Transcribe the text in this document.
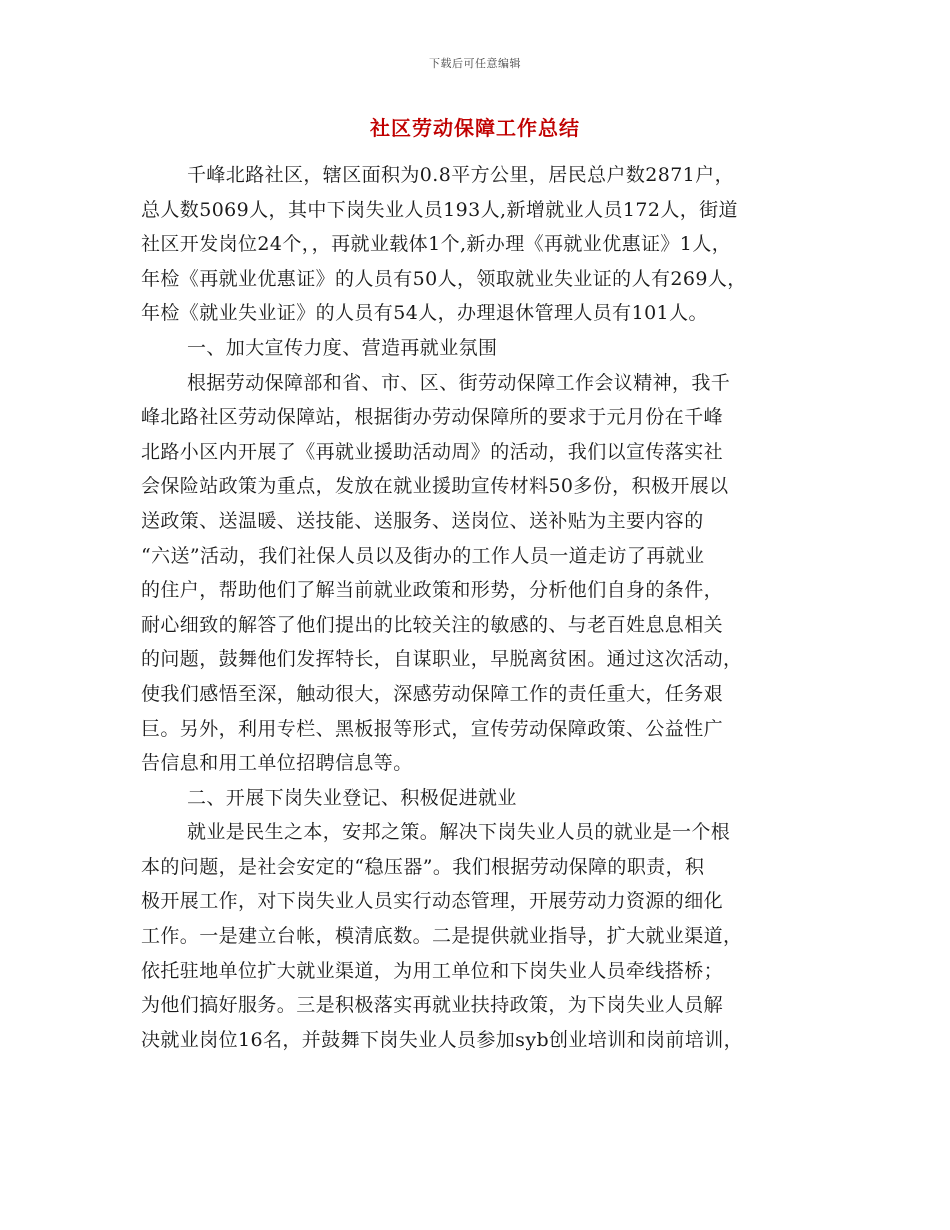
下载后可任意编辑
社区劳动保障工作总结
千峰北路社区，辖区面积为0.8平方公里，居民总户数2871户，
总人数5069人，其中下岗失业人员193人,新增就业人员172人，街道
社区开发岗位24个，，再就业载体1个,新办理《再就业优惠证》1人，
年检《再就业优惠证》的人员有50人，领取就业失业证的人有269人，
年检《就业失业证》的人员有54人，办理退休管理人员有101人。
一、加大宣传力度、营造再就业氛围
根据劳动保障部和省、市、区、街劳动保障工作会议精神，我千
峰北路社区劳动保障站，根据街办劳动保障所的要求于元月份在千峰
北路小区内开展了《再就业援助活动周》的活动，我们以宣传落实社
会保险站政策为重点，发放在就业援助宣传材料50多份，积极开展以
送政策、送温暖、送技能、送服务、送岗位、送补贴为主要内容的
“六送”活动，我们社保人员以及街办的工作人员一道走访了再就业
的住户，帮助他们了解当前就业政策和形势，分析他们自身的条件，
耐心细致的解答了他们提出的比较关注的敏感的、与老百姓息息相关
的问题，鼓舞他们发挥特长，自谋职业，早脱离贫困。通过这次活动，
使我们感悟至深，触动很大，深感劳动保障工作的责任重大，任务艰
巨。另外，利用专栏、黑板报等形式，宣传劳动保障政策、公益性广
告信息和用工单位招聘信息等。
二、开展下岗失业登记、积极促进就业
就业是民生之本，安邦之策。解决下岗失业人员的就业是一个根
本的问题，是社会安定的“稳压器”。我们根据劳动保障的职责，积
极开展工作，对下岗失业人员实行动态管理，开展劳动力资源的细化
工作。一是建立台帐，模清底数。二是提供就业指导，扩大就业渠道，
依托驻地单位扩大就业渠道，为用工单位和下岗失业人员牵线搭桥；
为他们搞好服务。三是积极落实再就业扶持政策，为下岗失业人员解
决就业岗位16名，并鼓舞下岗失业人员参加syb创业培训和岗前培训，
